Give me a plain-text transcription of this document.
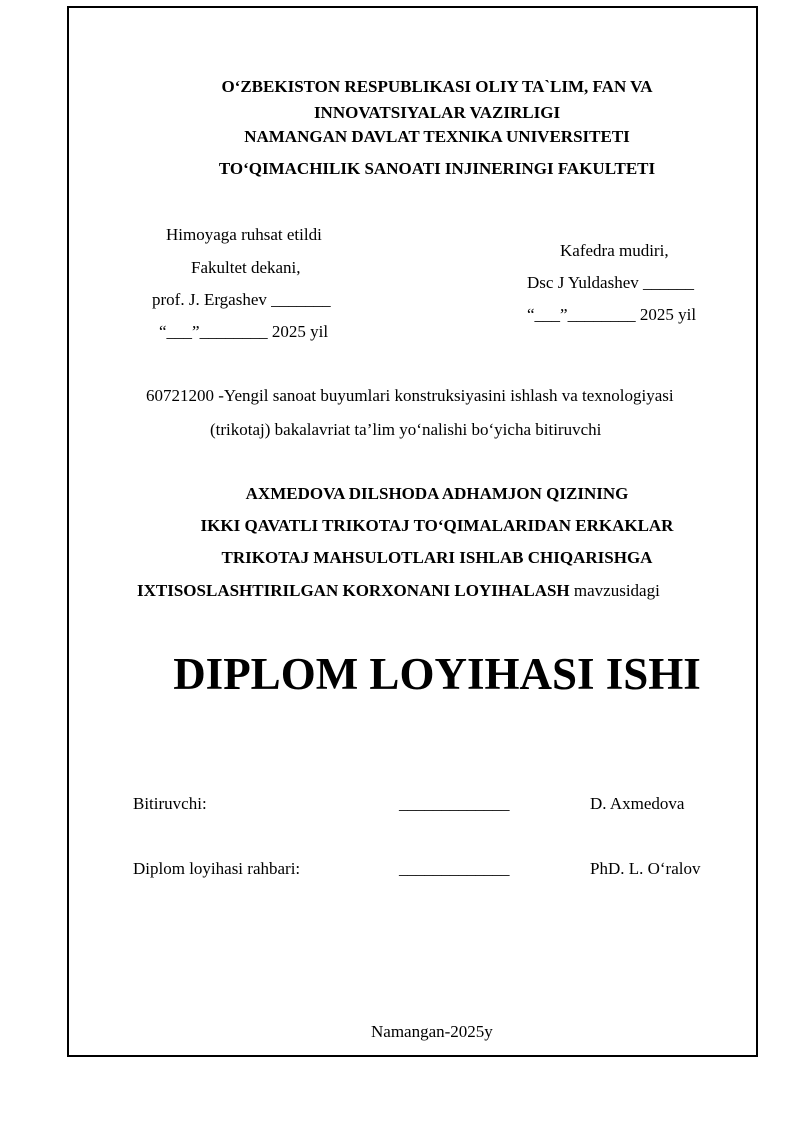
O‘ZBEKISTON RESPUBLIKASI OLIY TA`LIM, FAN VA
INNOVATSIYALAR VAZIRLIGI
NAMANGAN DAVLAT TEXNIKA UNIVERSITETI
TO‘QIMACHILIK SANOATI INJINERINGI FAKULTETI
Himoyaga ruhsat etildi
Fakultet dekani,
prof. J. Ergashev _______
“___”________ 2025 yil
Kafedra mudiri,
Dsc J Yuldashev ______
“___”________ 2025 yil
60721200 -Yengil sanoat buyumlari konstruksiyasini ishlash va texnologiyasi
(trikotaj) bakalavriat ta’lim yo‘nalishi bo‘yicha bitiruvchi
AXMEDOVA DILSHODA ADHAMJON QIZINING
IKKI QAVATLI TRIKOTAJ TO‘QIMALARIDAN ERKAKLAR
TRIKOTAJ MAHSULOTLARI ISHLAB CHIQARISHGA
IXTISOSLASHTIRILGAN KORXONANI LOYIHALASH mavzusidagi
DIPLOM LOYIHASI ISHI
Bitiruvchi:	_____________	D. Axmedova
Diplom loyihasi rahbari:	_____________	PhD. L. O‘ralov
Namangan-2025y
